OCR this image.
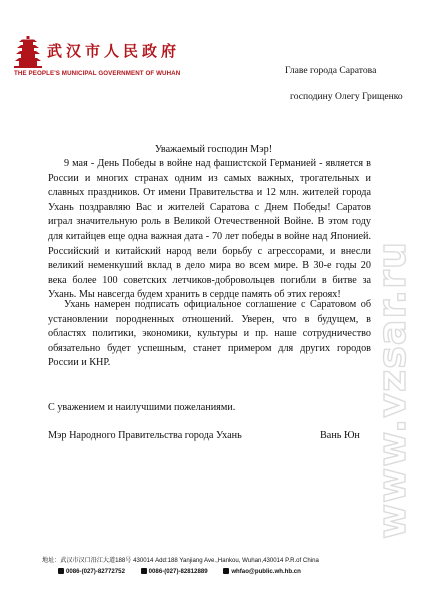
武汉市人民政府
THE PEOPLE'S MUNICIPAL GOVERNMENT OF WUHAN	Главе города Саратова
господину Олегу Грищенко
Уважаемый господин Мэр!
9 мая - День Победы в войне над фашистской Германией - является в России и многих странах одним из самых важных, трогательных и славных праздников. От имени Правительства и 12 млн. жителей города Ухань поздравляю Вас и жителей Саратова с Днем Победы! Саратов играл значительную роль в Великой Отечественной Войне. В этом году для китайцев еще одна важная дата - 70 лет победы в войне над Японией. Российский и китайский народ вели борьбу с агрессорами, и внесли великий неменкуший вклад в дело мира во всем мире. В 30-е годы 20 века более 100 советских летчиков-добровольцев погибли в битве за Ухань. Мы навсегда будем хранить в сердце память об этих героях!
Ухань намерен подписать официальное соглашение с Саратовом об установлении породненных отношений. Уверен, что в будущем, в областях политики, экономики, культуры и пр. наше сотрудничество обязательно будет успешным, станет примером для других городов России и КНР.
С уважением и наилучшими пожеланиями.
Мэр Народного Правительства города Ухань	Вань Юн
地址：武汉市汉口沿江大道188号 430014 Add:188 Yanjiang Ave.,Hankou, Wuhan,430014 P.R.of China
0086-(027)-82772752	0086-(027)-82812889	whfao@public.wh.hb.cn
www.vzsar.ru
